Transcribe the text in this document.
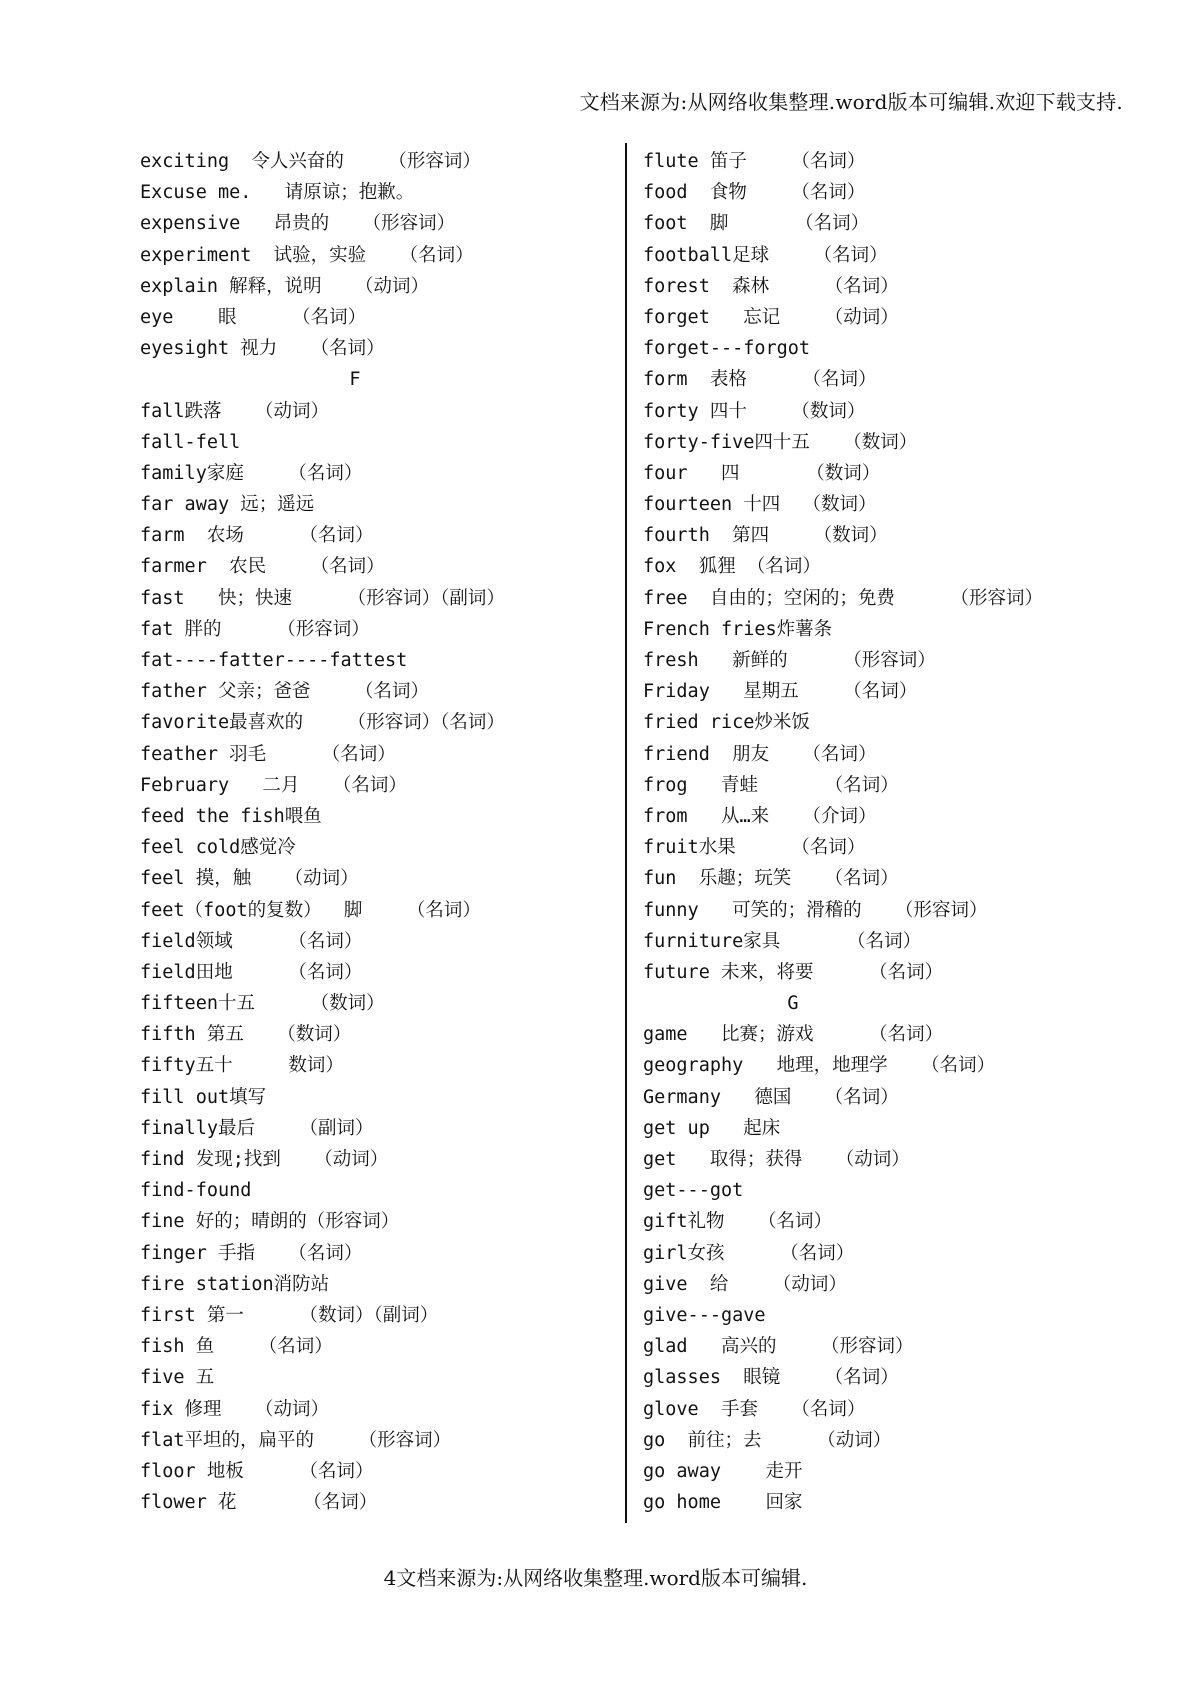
文档来源为:从网络收集整理.word版本可编辑.欢迎下载支持.
exciting  令人兴奋的    （形容词）
Excuse me.   请原谅；抱歉。
expensive   昂贵的   （形容词）
experiment  试验，实验   （名词）
explain 解释，说明   （动词）
eye    眼     （名词）
eyesight 视力   （名词）
F
fall跌落   （动词）
fall-fell
family家庭    （名词）
far away 远；遥远
farm  农场     （名词）
farmer  农民    （名词）
fast   快；快速     （形容词）（副词）
fat 胖的     （形容词）
fat----fatter----fattest
father 父亲；爸爸    （名词）
favorite最喜欢的    （形容词）（名词）
feather 羽毛     （名词）
February   二月   （名词）
feed the fish喂鱼
feel cold感觉冷
feel 摸，触   （动词）
feet（foot的复数）  脚    （名词）
field领域     （名词）
field田地     （名词）
fifteen十五     （数词）
fifth 第五   （数词）
fifty五十     数词）
fill out填写
finally最后    （副词）
find 发现;找到   （动词）
find-found
fine 好的；晴朗的（形容词）
finger 手指   （名词）
fire station消防站
first 第一     （数词）（副词）
fish 鱼    （名词）
five 五
fix 修理   （动词）
flat平坦的，扁平的    （形容词）
floor 地板     （名词）
flower 花      （名词）
flute 笛子    （名词）
food  食物    （名词）
foot  脚      （名词）
football足球    （名词）
forest  森林     （名词）
forget   忘记    （动词）
forget---forgot
form  表格     （名词）
forty 四十    （数词）
forty-five四十五   （数词）
four   四      （数词）
fourteen 十四  （数词）
fourth  第四    （数词）
fox  狐狸 （名词）
free  自由的；空闲的；免费     （形容词）
French fries炸薯条
fresh   新鲜的     （形容词）
Friday   星期五    （名词）
fried rice炒米饭
friend  朋友   （名词）
frog   青蛙      （名词）
from   从…来   （介词）
fruit水果     （名词）
fun  乐趣；玩笑   （名词）
funny   可笑的；滑稽的   （形容词）
furniture家具      （名词）
future 未来，将要     （名词）
G
game   比赛；游戏     （名词）
geography   地理，地理学   （名词）
Germany   德国   （名词）
get up   起床
get   取得；获得   （动词）
get---got
gift礼物   （名词）
girl女孩     （名词）
give  给    （动词）
give---gave
glad   高兴的    （形容词）
glasses  眼镜    （名词）
glove  手套   （名词）
go  前往；去     （动词）
go away    走开
go home    回家
4文档来源为:从网络收集整理.word版本可编辑.
